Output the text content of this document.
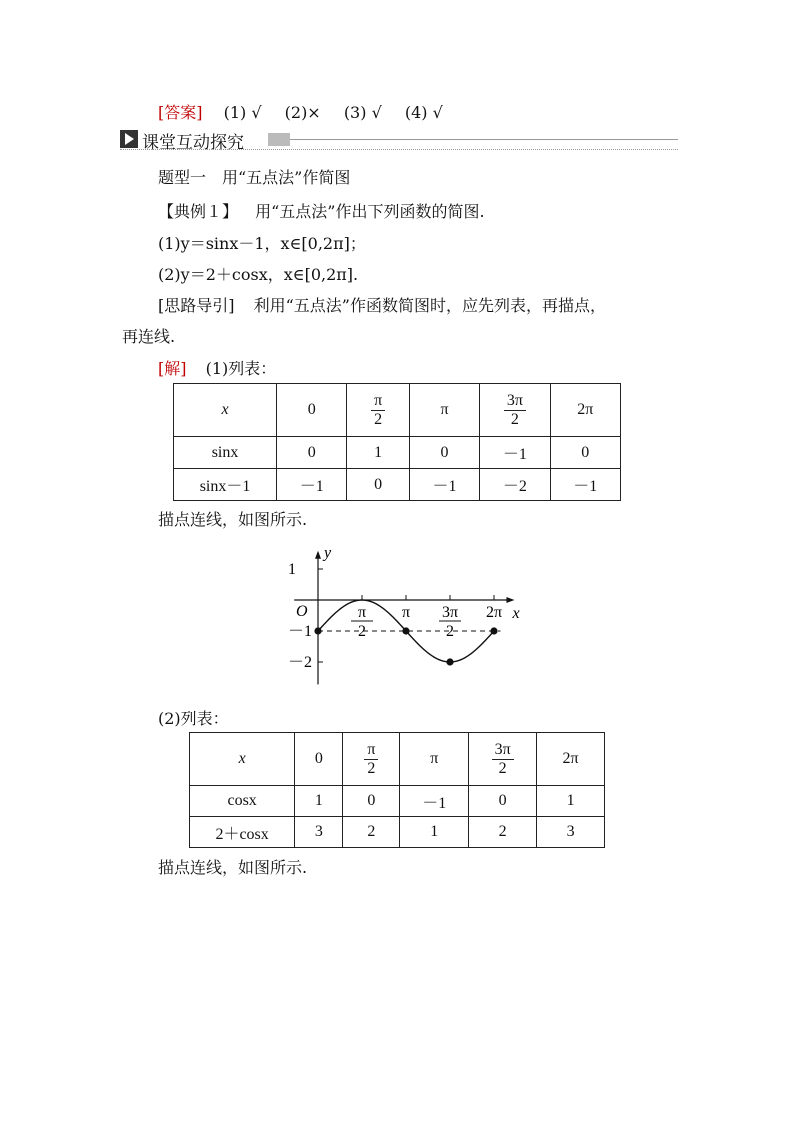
[答案] (1) √ (2)× (3) √ (4) √
课堂互动探究
题型一　用“五点法”作简图
【典例１】 用“五点法”作出下列函数的简图.
(1)y＝sinx－1，x∈[0,2π]；
(2)y＝2＋cosx，x∈[0,2π].
[思路导引] 利用“五点法”作函数简图时，应先列表，再描点，
再连线.
[解] (1)列表：
x	0	$\frac{\pi}{2}$	π	$\frac{3\pi}{2}$	2π
sinx	0	1	0	－1	0
sinx－1	－1	0	－1	－2	－1
描点连线，如图所示.
x
y
O
1
－1
－2
π
2
π 3π
2
2π
(2)列表：
x	0	$\frac{\pi}{2}$	π	$\frac{3\pi}{2}$	2π
cosx	1	0	－1	0	1
2＋cosx	3	2	1	2	3
描点连线，如图所示.
